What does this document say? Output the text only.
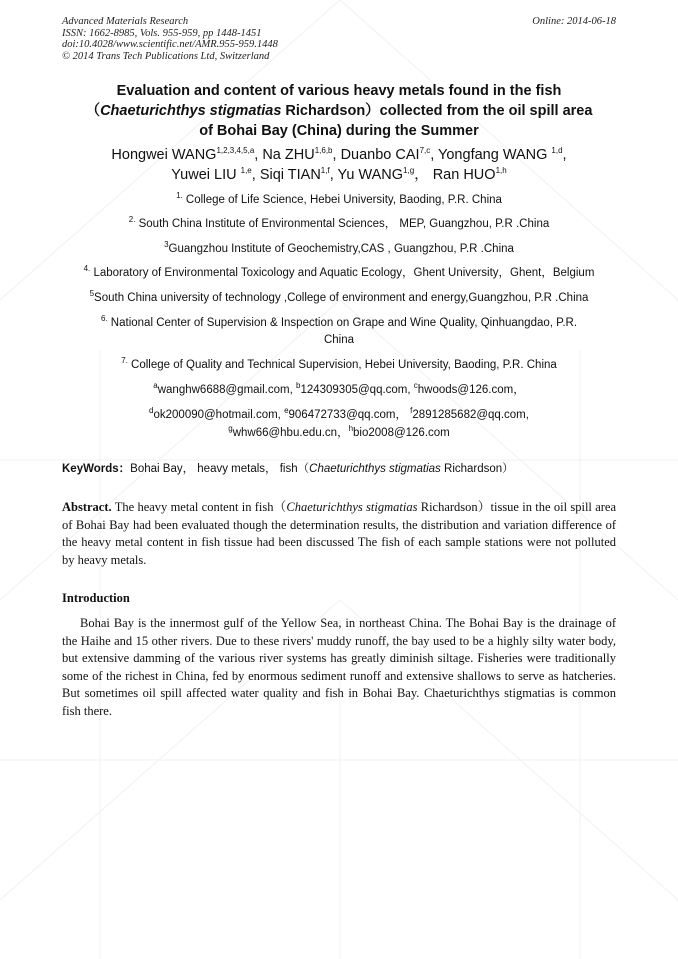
Advanced Materials Research
ISSN: 1662-8985, Vols. 955-959, pp 1448-1451
doi:10.4028/www.scientific.net/AMR.955-959.1448
© 2014 Trans Tech Publications Ltd, Switzerland
Online: 2014-06-18
Evaluation and content of various heavy metals found in the fish
（Chaeturichthys stigmatias Richardson）collected from the oil spill area
of Bohai Bay (China) during the Summer
Hongwei WANG$^{1,2,3,4,5,a}$, Na ZHU$^{1,6,b}$, Duanbo CAI$^{7,c}$, Yongfang WANG $^{1,d}$,
Yuwei LIU $^{1,e}$, Siqi TIAN$^{1,f}$, Yu WANG$^{1,g}$， Ran HUO$^{1,h}$
$^{1.}$ College of Life Science, Hebei University, Baoding, P.R. China
$^{2.}$ South China Institute of Environmental Sciences， MEP, Guangzhou, P.R .China
$^3$Guangzhou Institute of Geochemistry,CAS , Guangzhou, P.R .China
$^{4.}$ Laboratory of Environmental Toxicology and Aquatic Ecology，Ghent University，Ghent，Belgium
$^5$South China university of technology ,College of environment and energy,Guangzhou, P.R .China
$^{6.}$ National Center of Supervision & Inspection on Grape and Wine Quality, Qinhuangdao, P.R.
China
$^{7.}$ College of Quality and Technical Supervision, Hebei University, Baoding, P.R. China
$^a$wanghw6688@gmail.com, $^b$124309305@qq.com, $^c$hwoods@126.com，
$^d$ok200090@hotmail.com, $^e$906472733@qq.com， $^f$2891285682@qq.com,
$^g$whw66@hbu.edu.cn，$^h$bio2008@126.com
KeyWords：Bohai Bay， heavy metals， fish（Chaeturichthys stigmatias Richardson）
Abstract. The heavy metal content in fish（Chaeturichthys stigmatias Richardson）tissue in the oil spill area of Bohai Bay had been evaluated though the determination results, the distribution and variation difference of the heavy metal content in fish tissue had been discussed The fish of each sample stations were not polluted by heavy metals.
Introduction
Bohai Bay is the innermost gulf of the Yellow Sea, in northeast China. The Bohai Bay is the drainage of the Haihe and 15 other rivers. Due to these rivers' muddy runoff, the bay used to be a highly silty water body, but extensive damming of the various river systems has greatly diminish siltage. Fisheries were traditionally some of the richest in China, fed by enormous sediment runoff and extensive shallows to serve as hatcheries. But sometimes oil spill affected water quality and fish in Bohai Bay. Chaeturichthys stigmatias is common fish there.
